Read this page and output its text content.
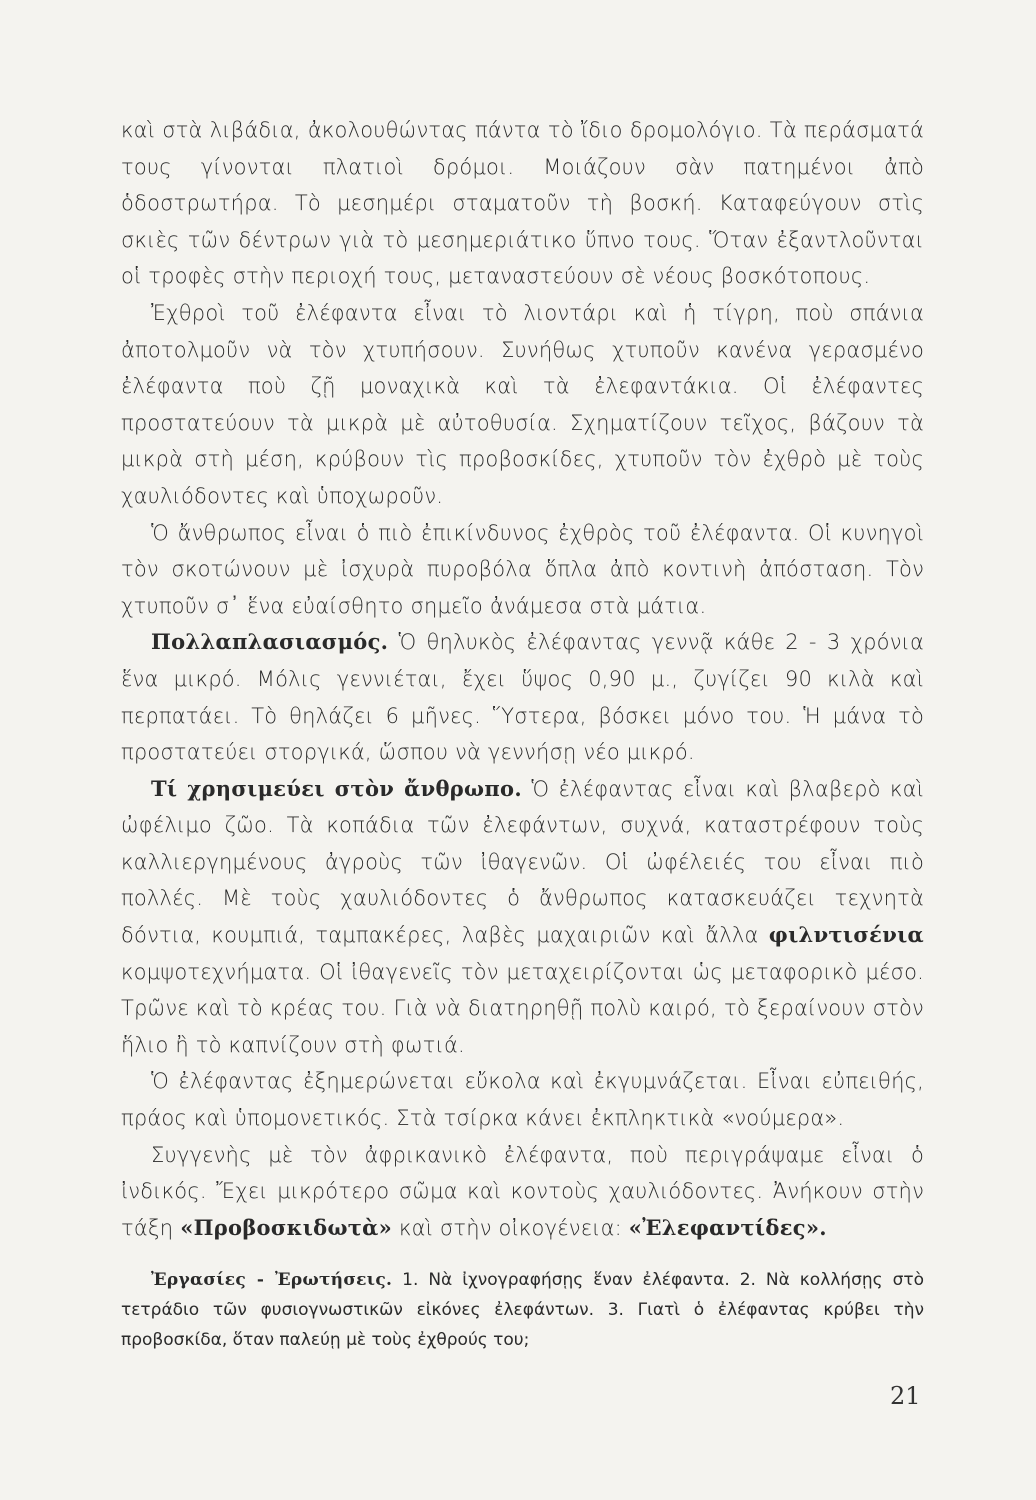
καὶ στὰ λιβάδια, ἀκολουθώντας πάντα τὸ ἴδιο δρομολόγιο. Τὰ περάσματά τους γίνονται πλατιοὶ δρόμοι. Μοιάζουν σὰν πατημένοι ἀπὸ ὁδοστρωτήρα. Τὸ μεσημέρι σταματοῦν τὴ βοσκή. Καταφεύγουν στὶς σκιὲς τῶν δέντρων γιὰ τὸ μεσημεριάτικο ὕπνο τους. Ὅταν ἐξαντλοῦνται οἱ τροφὲς στὴν περιοχή τους, μεταναστεύουν σὲ νέους βοσκότοπους.

Ἐχθροὶ τοῦ ἐλέφαντα εἶναι τὸ λιοντάρι καὶ ἡ τίγρη, ποὺ σπάνια ἀποτολμοῦν νὰ τὸν χτυπήσουν. Συνήθως χτυποῦν κανένα γερασμένο ἐλέφαντα ποὺ ζῇ μοναχικὰ καὶ τὰ ἐλεφαντάκια. Οἱ ἐλέφαντες προστατεύουν τὰ μικρὰ μὲ αὐτοθυσία. Σχηματίζουν τεῖχος, βάζουν τὰ μικρὰ στὴ μέση, κρύβουν τὶς προβοσκίδες, χτυποῦν τὸν ἐχθρὸ μὲ τοὺς χαυλιόδοντες καὶ ὑποχωροῦν.

Ὁ ἄνθρωπος εἶναι ὁ πιὸ ἐπικίνδυνος ἐχθρὸς τοῦ ἐλέφαντα. Οἱ κυνηγοὶ τὸν σκοτώνουν μὲ ἰσχυρὰ πυροβόλα ὅπλα ἀπὸ κοντινὴ ἀπόσταση. Τὸν χτυποῦν σ᾿ ἕνα εὐαίσθητο σημεῖο ἀνάμεσα στὰ μάτια.

Πολλαπλασιασμός. Ὁ θηλυκὸς ἐλέφαντας γεννᾷ κάθε 2 - 3 χρόνια ἕνα μικρό. Μόλις γεννιέται, ἔχει ὕψος 0,90 μ., ζυγίζει 90 κιλὰ καὶ περπατάει. Τὸ θηλάζει 6 μῆνες. Ὕστερα, βόσκει μόνο του. Ἡ μάνα τὸ προστατεύει στοργικά, ὥσπου νὰ γεννήσῃ νέο μικρό.

Τί χρησιμεύει στὸν ἄνθρωπο. Ὁ ἐλέφαντας εἶναι καὶ βλαβερὸ καὶ ὠφέλιμο ζῶο. Τὰ κοπάδια τῶν ἐλεφάντων, συχνά, καταστρέφουν τοὺς καλλιεργημένους ἀγροὺς τῶν ἰθαγενῶν. Οἱ ὠφέλειές του εἶναι πιὸ πολλές. Μὲ τοὺς χαυλιόδοντες ὁ ἄνθρωπος κατασκευάζει τεχνητὰ δόντια, κουμπιά, ταμπακέρες, λαβὲς μαχαιριῶν καὶ ἄλλα φιλντισένια κομψοτεχνήματα. Οἱ ἰθαγενεῖς τὸν μεταχειρίζονται ὡς μεταφορικὸ μέσο. Τρῶνε καὶ τὸ κρέας του. Γιὰ νὰ διατηρηθῇ πολὺ καιρό, τὸ ξεραίνουν στὸν ἥλιο ἢ τὸ καπνίζουν στὴ φωτιά.

Ὁ ἐλέφαντας ἐξημερώνεται εὔκολα καὶ ἐκγυμνάζεται. Εἶναι εὐπειθής, πράος καὶ ὑπομονετικός. Στὰ τσίρκα κάνει ἐκπληκτικὰ «νούμερα».

Συγγενὴς μὲ τὸν ἀφρικανικὸ ἐλέφαντα, ποὺ περιγράψαμε εἶναι ὁ ἰνδικός. Ἔχει μικρότερο σῶμα καὶ κοντοὺς χαυλιόδοντες. Ἀνήκουν στὴν τάξη «Προβοσκιδωτὰ» καὶ στὴν οἰκογένεια: «Ἐλεφαντίδες».

Ἐργασίες - Ἐρωτήσεις. 1. Νὰ ἰχνογραφήσῃς ἕναν ἐλέφαντα. 2. Νὰ κολλήσῃς στὸ τετράδιο τῶν φυσιογνωστικῶν εἰκόνες ἐλεφάντων. 3. Γιατὶ ὁ ἐλέφαντας κρύβει τὴν προβοσκίδα, ὅταν παλεύῃ μὲ τοὺς ἐχθρούς του;

21
